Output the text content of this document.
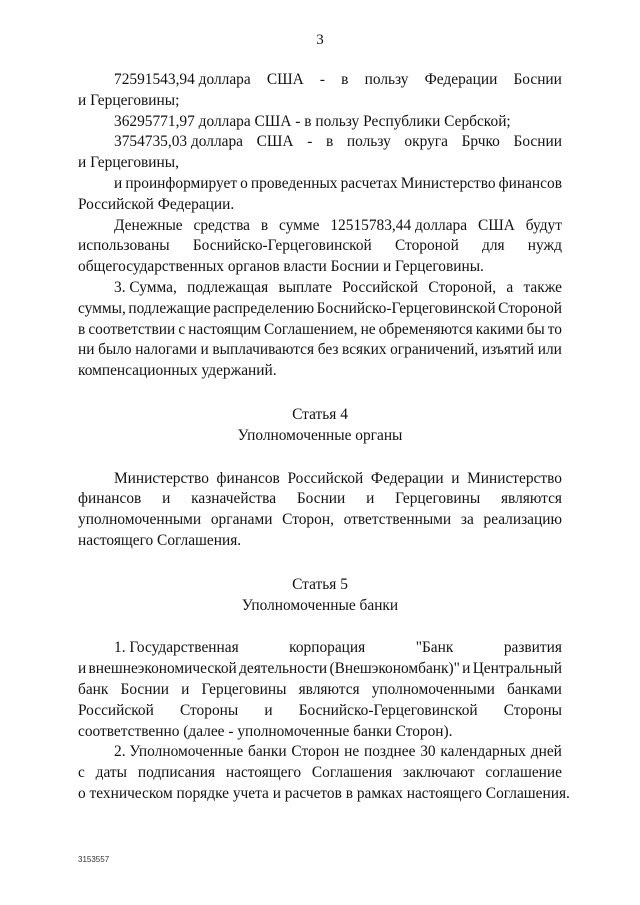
3
72591543,94 доллара США - в пользу Федерации Боснии
и Герцеговины;
36295771,97 доллара США - в пользу Республики Сербской;
3754735,03 доллара США - в пользу округа Брчко Боснии
и Герцеговины,
и проинформирует о проведенных расчетах Министерство финансов
Российской Федерации.
Денежные средства в сумме 12515783,44 доллара США будут
использованы Боснийско-Герцеговинской Стороной для нужд
общегосударственных органов власти Боснии и Герцеговины.
3. Сумма, подлежащая выплате Российской Стороной, а также
суммы, подлежащие распределению Боснийско-Герцеговинской Стороной
в соответствии с настоящим Соглашением, не обременяются какими бы то
ни было налогами и выплачиваются без всяких ограничений, изъятий или
компенсационных удержаний.
Статья 4
Уполномоченные органы
Министерство финансов Российской Федерации и Министерство
финансов и казначейства Боснии и Герцеговины являются
уполномоченными органами Сторон, ответственными за реализацию
настоящего Соглашения.
Статья 5
Уполномоченные банки
1. Государственная	корпорация	"Банк	развития
и внешнеэкономической деятельности (Внешэкономбанк)" и Центральный
банк Боснии и Герцеговины являются уполномоченными банками
Российской Стороны и Боснийско-Герцеговинской Стороны
соответственно (далее - уполномоченные банки Сторон).
2. Уполномоченные банки Сторон не позднее 30 календарных дней
с даты подписания настоящего Соглашения заключают соглашение
о техническом порядке учета и расчетов в рамках настоящего Соглашения.
3153557
